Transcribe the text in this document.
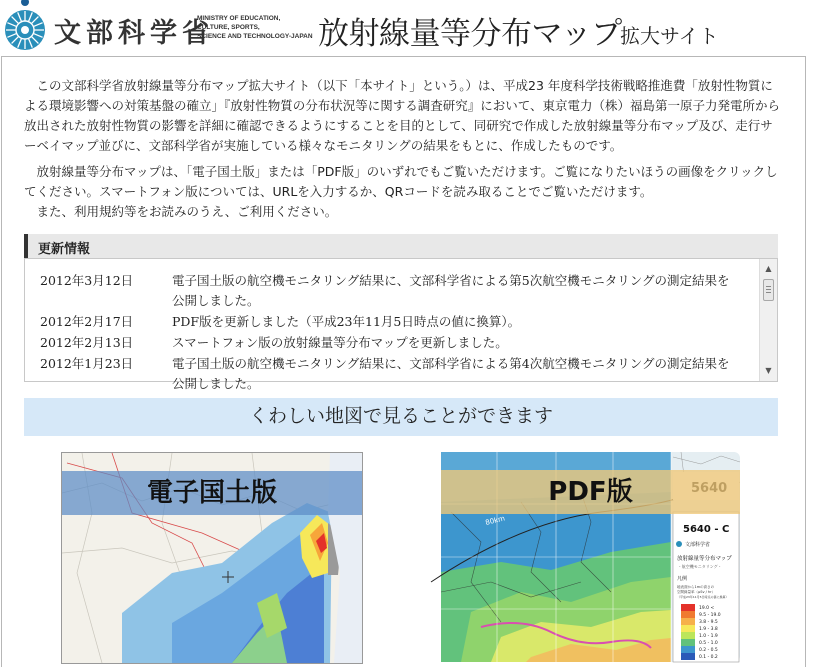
文部科学省
MINISTRY OF EDUCATION,
CULTURE, SPORTS,
SCIENCE AND TECHNOLOGY-JAPAN 放射線量等分布マップ
拡大サイト

この文部科学省放射線量等分布マップ拡大サイト（以下「本サイト」という。）は、平成23 年度科学技術戦略推進費「放射性物質による環境影響への対策基盤の確立」『放射性物質の分布状況等に関する調査研究』において、東京電力（株）福島第一原子力発電所から放出された放射性物質の影響を詳細に確認できるようにすることを目的として、同研究で作成した放射線量等分布マップ及び、走行サーベイマップ並びに、文部科学省が実施している様々なモニタリングの結果をもとに、作成したものです。

放射線量等分布マップは、「電子国土版」または「PDF版」のいずれでもご覧いただけます。ご覧になりたいほうの画像をクリックしてください。スマートフォン版については、URLを入力するか、QRコードを読み取ることでご覧いただけます。

また、利用規約等をお読みのうえ、ご利用ください。

更新情報
2012年3月12日	電子国土版の航空機モニタリング結果に、文部科学省による第5次航空機モニタリングの測定結果を公開しました。
2012年2月17日	PDF版を更新しました（平成23年11月5日時点の値に換算）。
2012年2月13日	スマートフォン版の放射線量等分布マップを更新しました。
2012年1月23日	電子国土版の航空機モニタリング結果に、文部科学省による第4次航空機モニタリングの測定結果を公開しました。
▲
▼
くわしい地図で見ることができます
電子国土版
80km
5640 - C
文部科学省
放射線量等分布マップ
- 航空機モニタリング -
凡例
地表面から1mの高さの
空間線量率（μSv / hr）
（平成23年11月5日時点の値に換算）
19.0 <
9.5 - 19.0
3.8 - 9.5
1.9 - 3.8
1.0 - 1.9
0.5 - 1.0
0.2 - 0.5
0.1 - 0.2
PDF版
